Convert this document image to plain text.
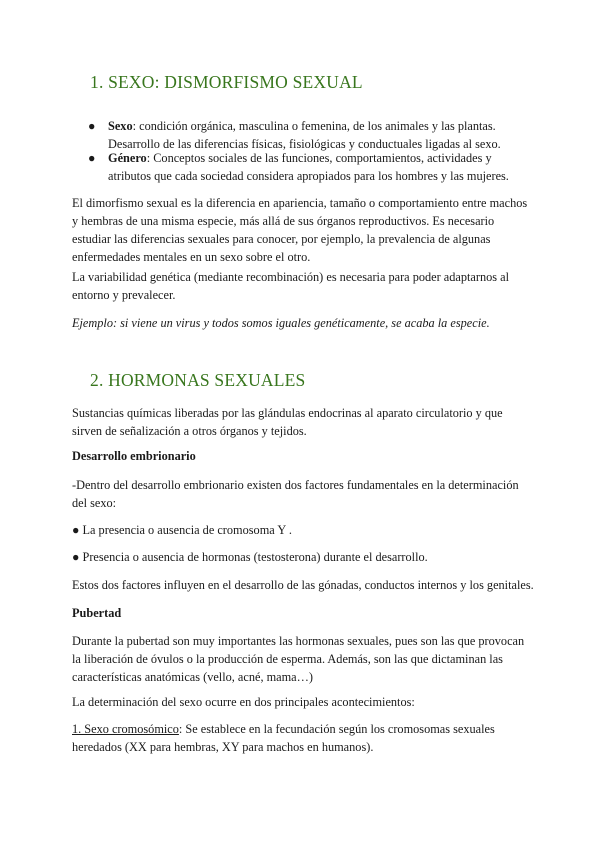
1. SEXO: DISMORFISMO SEXUAL
● Sexo: condición orgánica, masculina o femenina, de los animales y las plantas.
Desarrollo de las diferencias físicas, fisiológicas y conductuales ligadas al sexo.
● Género: Conceptos sociales de las funciones, comportamientos, actividades y
atributos que cada sociedad considera apropiados para los hombres y las mujeres.
El dimorfismo sexual es la diferencia en apariencia, tamaño o comportamiento entre machos
y hembras de una misma especie, más allá de sus órganos reproductivos. Es necesario
estudiar las diferencias sexuales para conocer, por ejemplo, la prevalencia de algunas
enfermedades mentales en un sexo sobre el otro.
La variabilidad genética (mediante recombinación) es necesaria para poder adaptarnos al
entorno y prevalecer.
Ejemplo: si viene un virus y todos somos iguales genéticamente, se acaba la especie.
2. HORMONAS SEXUALES
Sustancias químicas liberadas por las glándulas endocrinas al aparato circulatorio y que
sirven de señalización a otros órganos y tejidos.
Desarrollo embrionario
-Dentro del desarrollo embrionario existen dos factores fundamentales en la determinación
del sexo:
● La presencia o ausencia de cromosoma Y .
● Presencia o ausencia de hormonas (testosterona) durante el desarrollo.
Estos dos factores influyen en el desarrollo de las gónadas, conductos internos y los genitales.
Pubertad
Durante la pubertad son muy importantes las hormonas sexuales, pues son las que provocan
la liberación de óvulos o la producción de esperma. Además, son las que dictaminan las
características anatómicas (vello, acné, mama…)
La determinación del sexo ocurre en dos principales acontecimientos:
1. Sexo cromosómico: Se establece en la fecundación según los cromosomas sexuales
heredados (XX para hembras, XY para machos en humanos).
